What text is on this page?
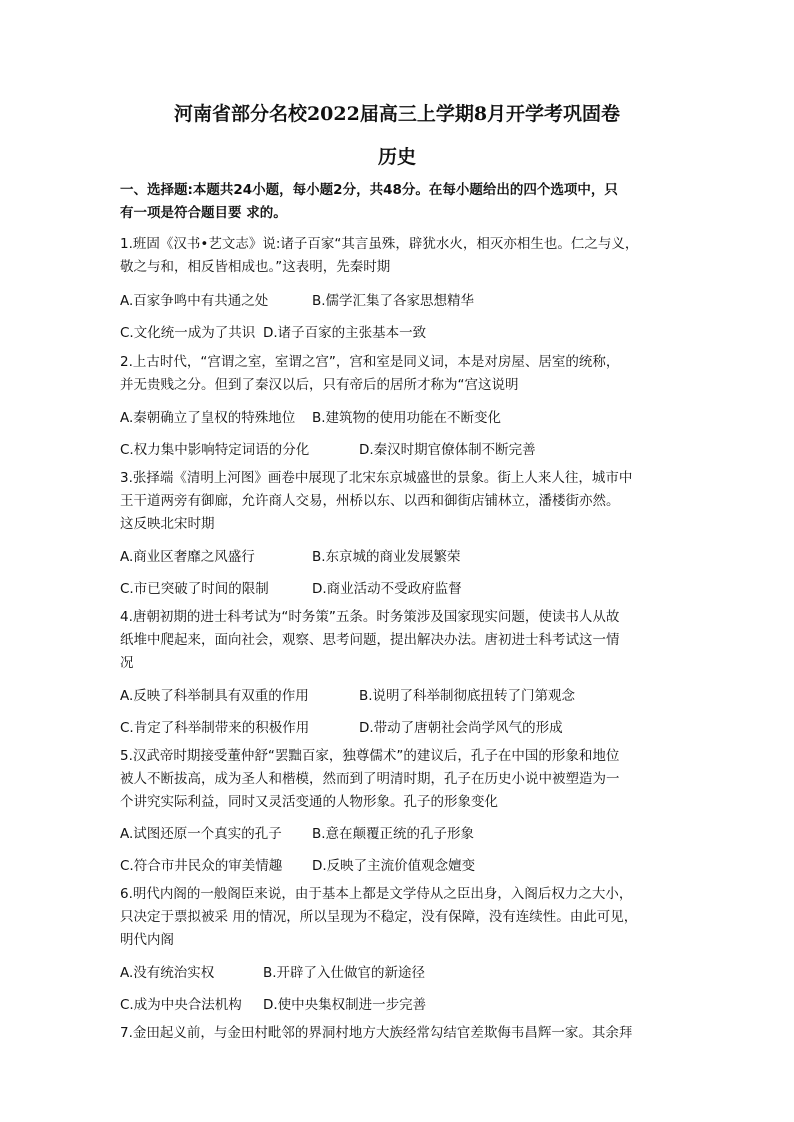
河南省部分名校2022届高三上学期8月开学考巩固卷
历史
一、选择题:本题共24小题，每小题2分，共48分。在每小题给出的四个选项中，只
有一项是符合题目要 求的。
1.班固《汉书•艺文志》说:诸子百家“其言虽殊，辟犹水火，相灭亦相生也。仁之与义，
敬之与和，相反皆相成也。”这表明，先秦时期
A.百家争鸣中有共通之处	B.儒学汇集了各家思想精华
C.文化统一成为了共识 D.诸子百家的主张基本一致
2.上古时代，“宫谓之室，室谓之宫”，宫和室是同义词，本是对房屋、居室的统称，
并无贵贱之分。但到了秦汉以后，只有帝后的居所才称为“宫这说明
A.秦朝确立了皇权的特殊地位 B.建筑物的使用功能在不断变化
C.权力集中影响特定词语的分化	D.秦汉时期官僚体制不断完善
3.张择端《清明上河图》画卷中展现了北宋东京城盛世的景象。街上人来人往，城市中
王干道两旁有御廊，允许商人交易，州桥以东、以西和御街店铺林立，潘楼街亦然。
这反映北宋时期
A.商业区奢靡之风盛行	B.东京城的商业发展繁荣
C.市已突破了时间的限制	D.商业活动不受政府监督
4.唐朝初期的进士科考试为“时务策”五条。时务策涉及国家现实问题，使读书人从故
纸堆中爬起来，面向社会，观察、思考问题，提出解决办法。唐初进士科考试这一情
况
A.反映了科举制具有双重的作用	B.说明了科举制彻底扭转了门第观念
C.肯定了科举制带来的积极作用	D.带动了唐朝社会尚学风气的形成
5.汉武帝时期接受董仲舒“罢黜百家，独尊儒术”的建议后，孔子在中国的形象和地位
被人不断拔高，成为圣人和楷模，然而到了明清时期，孔子在历史小说中被塑造为一
个讲究实际利益，同时又灵活变通的人物形象。孔子的形象变化
A.试图还原一个真实的孔子 B.意在颠覆正统的孔子形象
C.符合市井民众的审美情趣 D.反映了主流价值观念嬗变
6.明代内阁的一般阁臣来说，由于基本上都是文学侍从之臣出身，入阁后权力之大小，
只决定于票拟被采 用的情况，所以呈现为不稳定，没有保障，没有连续性。由此可见，
明代内阁
A.没有统治实权	B.开辟了入仕做官的新途径
C.成为中央合法机构 D.使中央集权制进一步完善
7.金田起义前，与金田村毗邻的界洞村地方大族经常勾结官差欺侮韦昌辉一家。其余拜
